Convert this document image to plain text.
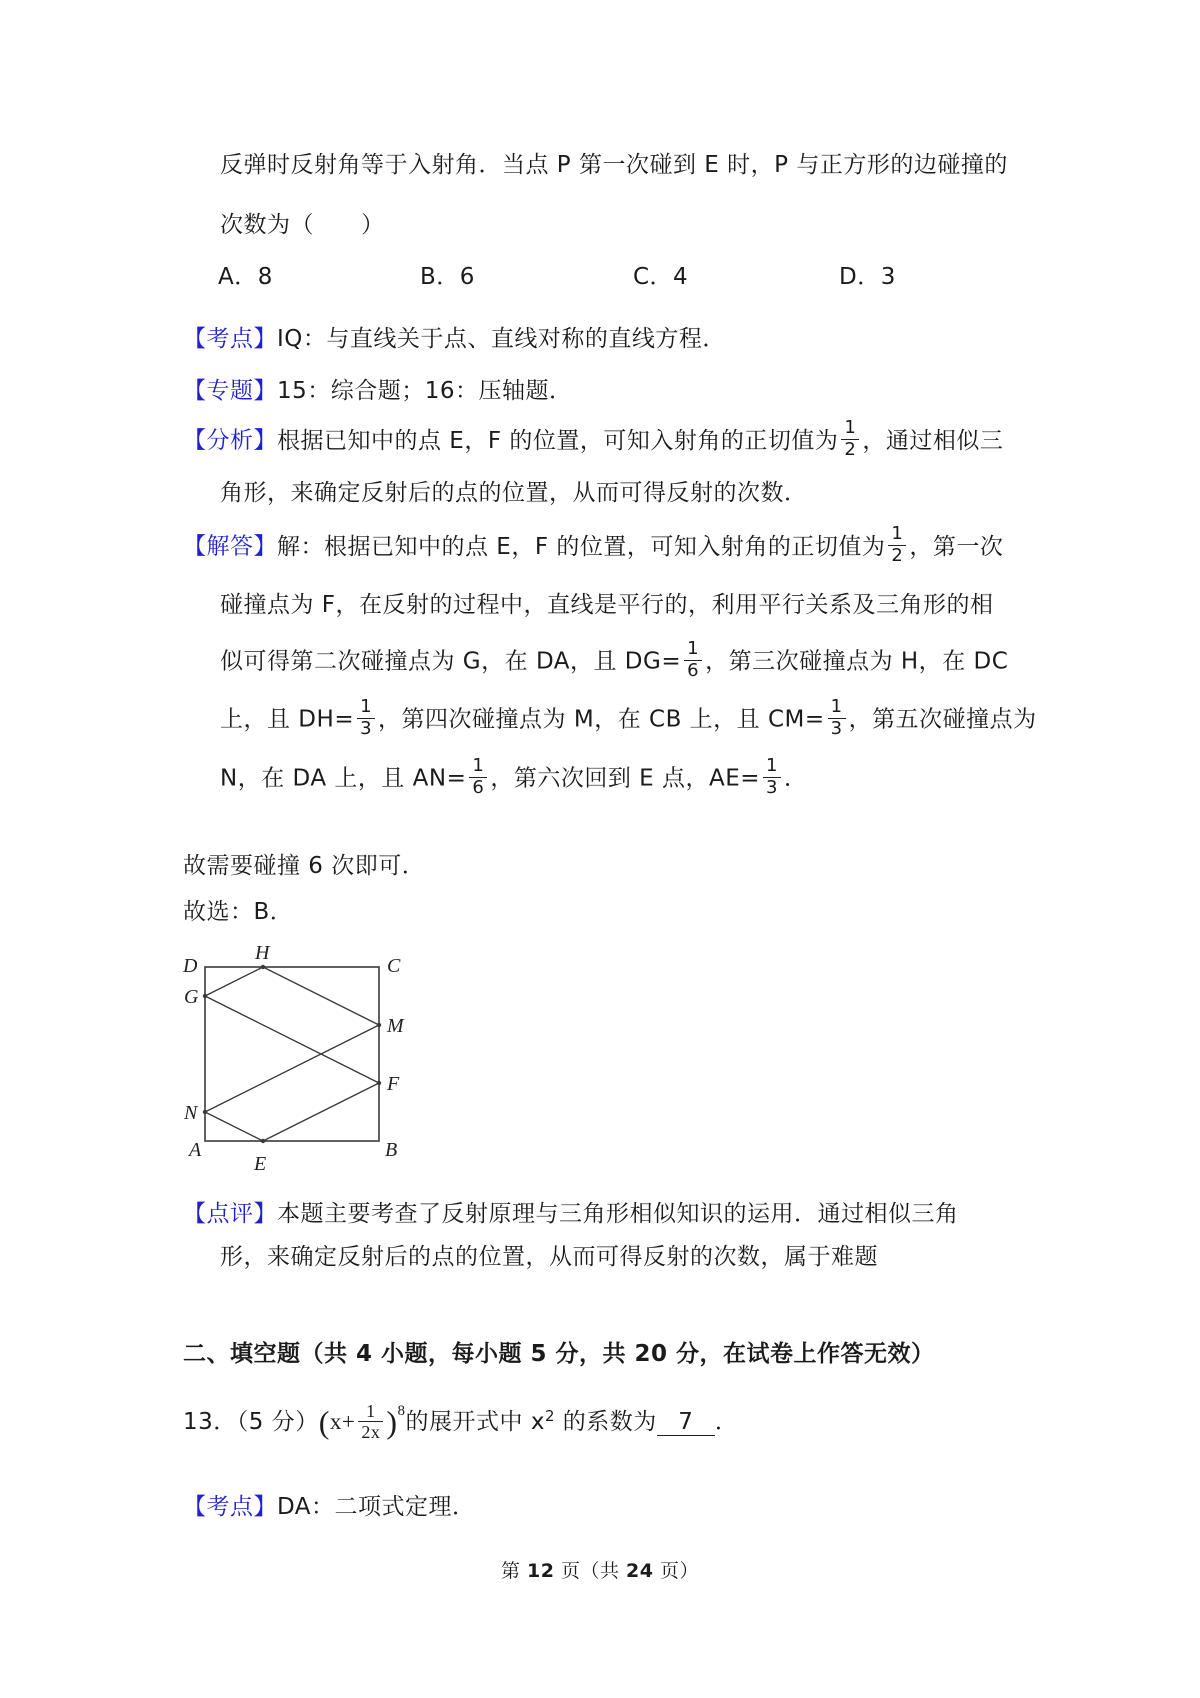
反弹时反射角等于入射角．当点 P 第一次碰到 E 时，P 与正方形的边碰撞的
次数为（　　）
A．8	B．6	C．4	D．3
【考点】IQ：与直线关于点、直线对称的直线方程．
【专题】15：综合题；16：压轴题．
【分析】根据已知中的点 E，F 的位置，可知入射角的正切值为 $\frac{1}{2}$ ，通过相似三
角形，来确定反射后的点的位置，从而可得反射的次数．
【解答】解：根据已知中的点 E，F 的位置，可知入射角的正切值为 $\frac{1}{2}$ ，第一次
碰撞点为 F，在反射的过程中，直线是平行的，利用平行关系及三角形的相
似可得第二次碰撞点为 G，在 DA，且 $DG= \frac{1}{6}$ ，第三次碰撞点为 H，在 DC
上，且 $DH= \frac{1}{3}$ ，第四次碰撞点为 M，在 CB 上，且 $CM= \frac{1}{3}$ ，第五次碰撞点为
N，在 DA 上，且 $AN= \frac{1}{6}$ ，第六次回到 E 点，$AE= \frac{1}{3}$ ．
故需要碰撞 6 次即可．
故选：B．
D
H
C
G
M
F
N
A
E
B
【点评】本题主要考查了反射原理与三角形相似知识的运用．通过相似三角
形，来确定反射后的点的位置，从而可得反射的次数，属于难题
二、填空题（共 4 小题，每小题 5 分，共 20 分，在试卷上作答无效）
13．（5 分）$(x+ \frac{1}{2x} )^8$的展开式中 $x^2$ 的系数为 7 ．
【考点】DA：二项式定理．
第 12 页（共 24 页）
